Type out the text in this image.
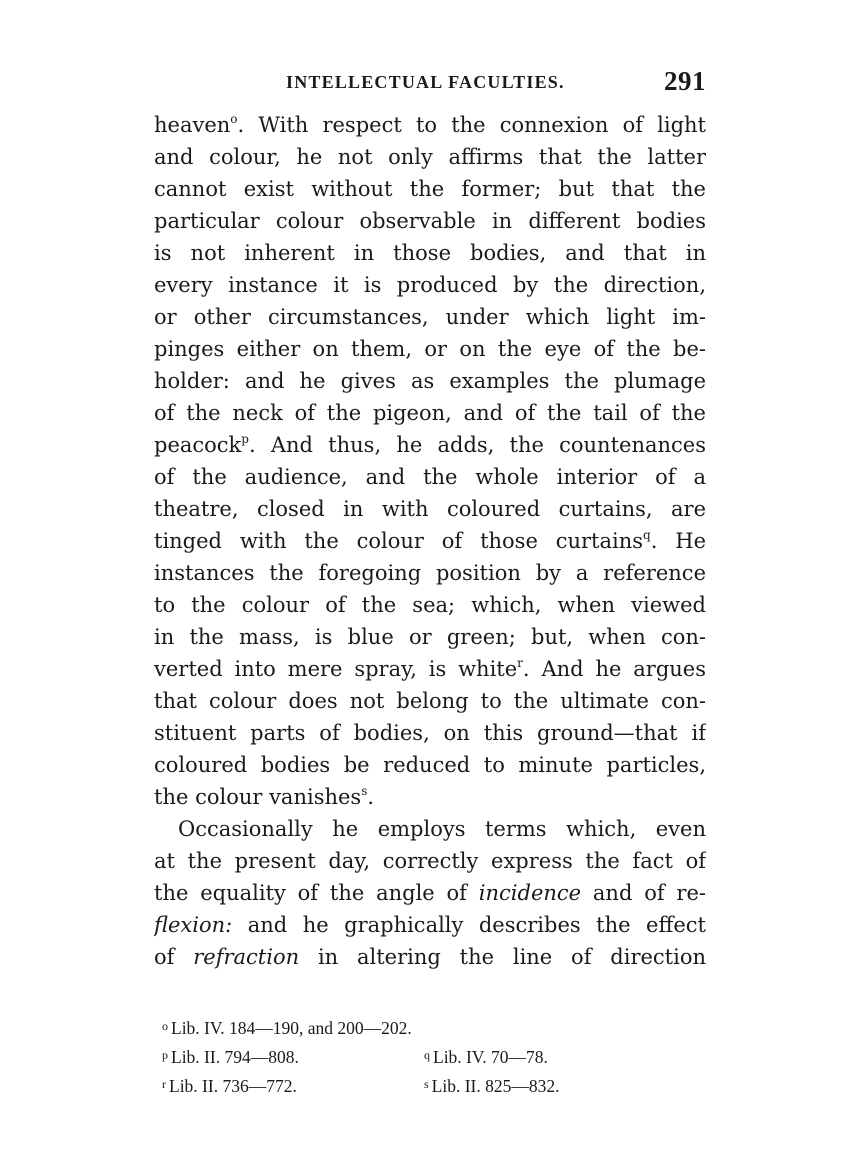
INTELLECTUAL FACULTIES.	291
heaven$^o$. With respect to the connexion of light
and colour, he not only affirms that the latter
cannot exist without the former; but that the
particular colour observable in different bodies
is not inherent in those bodies, and that in
every instance it is produced by the direction,
or other circumstances, under which light im-
pinges either on them, or on the eye of the be-
holder: and he gives as examples the plumage
of the neck of the pigeon, and of the tail of the
peacock$^p$. And thus, he adds, the countenances
of the audience, and the whole interior of a
theatre, closed in with coloured curtains, are
tinged with the colour of those curtains$^q$. He
instances the foregoing position by a reference
to the colour of the sea; which, when viewed
in the mass, is blue or green; but, when con-
verted into mere spray, is white$^r$. And he argues
that colour does not belong to the ultimate con-
stituent parts of bodies, on this ground—that if
coloured bodies be reduced to minute particles,
the colour vanishes$^s$.
Occasionally he employs terms which, even
at the present day, correctly express the fact of
the equality of the angle of incidence and of re-
flexion: and he graphically describes the effect
of refraction in altering the line of direction
$^o$ Lib. IV. 184—190, and 200—202.
$^p$ Lib. II. 794—808.	$^q$ Lib. IV. 70—78.
$^r$ Lib. II. 736—772.	$^s$ Lib. II. 825—832.
